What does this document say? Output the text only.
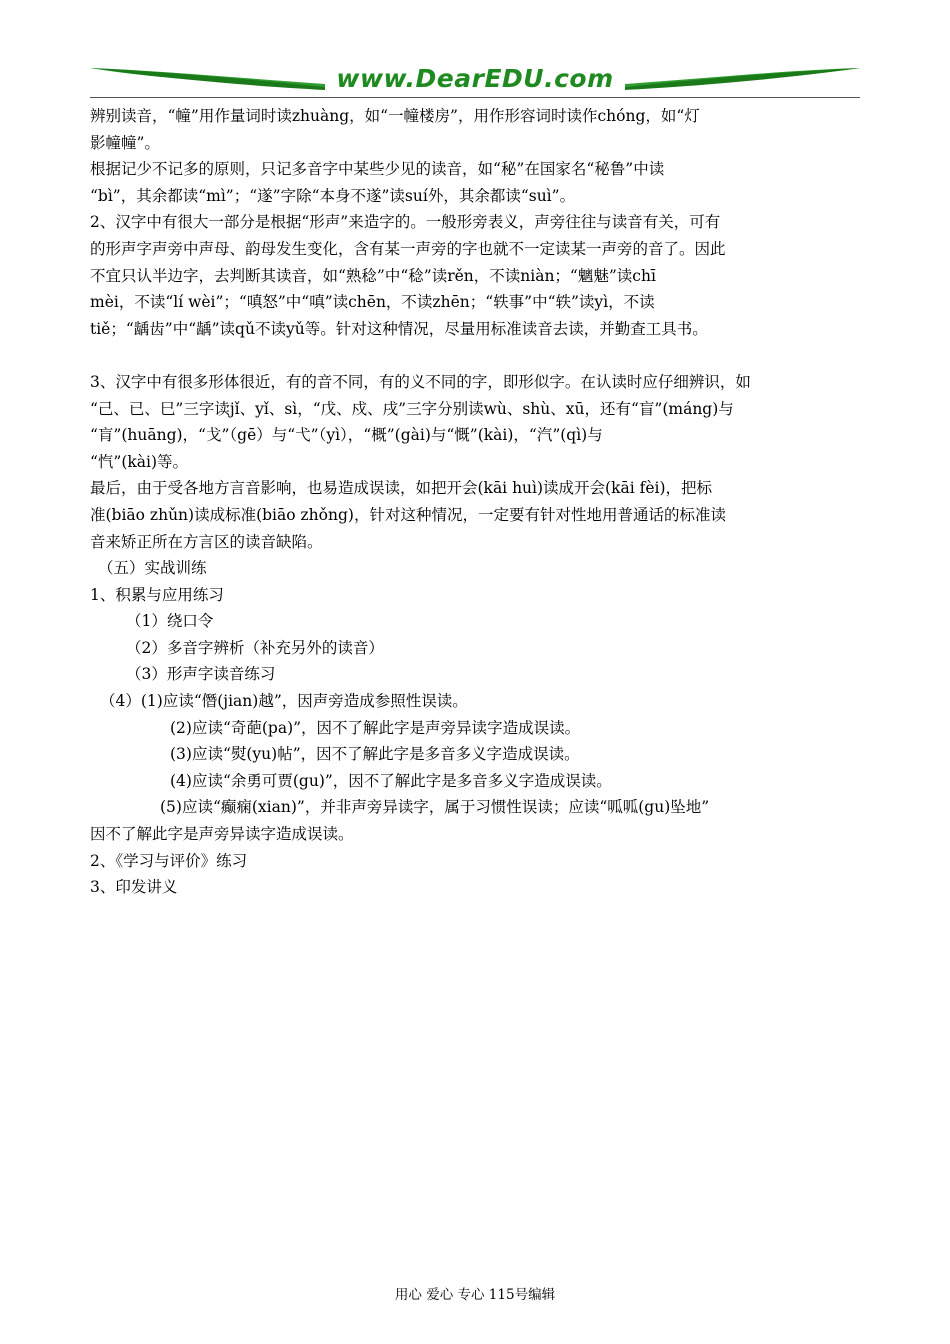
www.DearEDU.com

辨别读音，“幢”用作量词时读zhuàng，如“一幢楼房”，用作形容词时读作chóng，如“灯

影幢幢”。

根据记少不记多的原则，只记多音字中某些少见的读音，如“秘”在国家名“秘鲁”中读

“bì”，其余都读“mì”；“遂”字除“本身不遂”读suí外，其余都读“suì”。

2、汉字中有很大一部分是根据“形声”来造字的。一般形旁表义，声旁往往与读音有关，可有

的形声字声旁中声母、韵母发生变化，含有某一声旁的字也就不一定读某一声旁的音了。因此

不宜只认半边字，去判断其读音，如“熟稔”中“稔”读rěn，不读niàn；“魑魅”读chī

mèi，不读“lí wèi”；“嗔怒”中“嗔”读chēn，不读zhēn；“轶事”中“轶”读yì，不读

tiě；“龋齿”中“龋”读qǔ不读yǔ等。针对这种情况，尽量用标准读音去读，并勤查工具书。

3、汉字中有很多形体很近，有的音不同，有的义不同的字，即形似字。在认读时应仔细辨识，如

“己、已、巳”三字读jǐ、yǐ、sì，“戊、戍、戌”三字分别读wù、shù、xū，还有“盲”(máng)与

“肓”(huāng)，“戈”（gē）与“弋”（yì），“概”(gài)与“慨”(kài)，“汽”(qì)与

“忾”(kài)等。

最后，由于受各地方言音影响，也易造成误读，如把开会(kāi huì)读成开会(kāi fèi)，把标

准(biāo zhǔn)读成标准(biāo zhǒng)，针对这种情况，一定要有针对性地用普通话的标准读

音来矫正所在方言区的读音缺陷。

（五）实战训练

1、积累与应用练习

（1）绕口令

（2）多音字辨析（补充另外的读音）

（3）形声字读音练习

（4）(1)应读“僭(jian)越”，因声旁造成参照性误读。

(2)应读“奇葩(pa)”，因不了解此字是声旁异读字造成误读。

(3)应读“熨(yu)帖”，因不了解此字是多音多义字造成误读。

(4)应读“余勇可贾(gu)”，因不了解此字是多音多义字造成误读。

(5)应读“癫痫(xian)”，并非声旁异读字，属于习惯性误读；应读“呱呱(gu)坠地”

因不了解此字是声旁异读字造成误读。

2、《学习与评价》练习

3、印发讲义

用心 爱心 专心 115号编辑
